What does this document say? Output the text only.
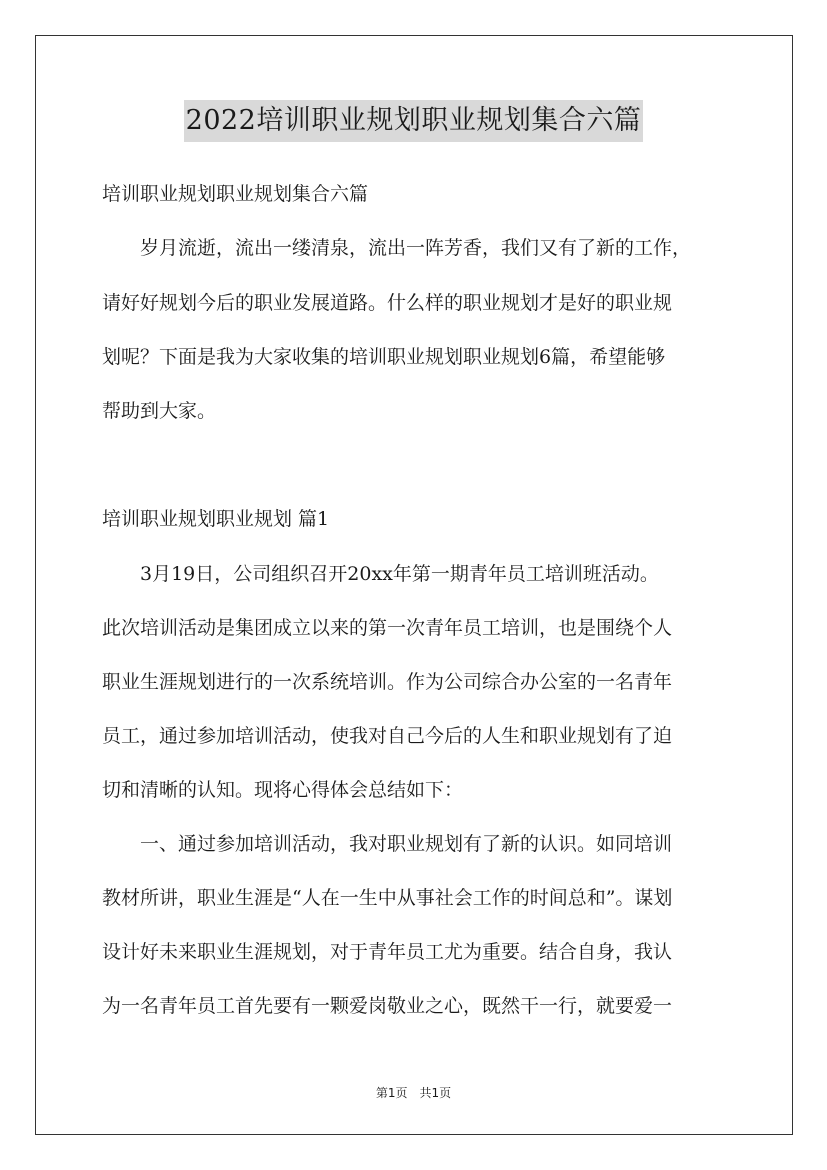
2022培训职业规划职业规划集合六篇
培训职业规划职业规划集合六篇
　　岁月流逝，流出一缕清泉，流出一阵芳香，我们又有了新的工作，
请好好规划今后的职业发展道路。什么样的职业规划才是好的职业规
划呢？下面是我为大家收集的培训职业规划职业规划6篇，希望能够
帮助到大家。
培训职业规划职业规划 篇1
　　3月19日，公司组织召开20xx年第一期青年员工培训班活动。
此次培训活动是集团成立以来的第一次青年员工培训，也是围绕个人
职业生涯规划进行的一次系统培训。作为公司综合办公室的一名青年
员工，通过参加培训活动，使我对自己今后的人生和职业规划有了迫
切和清晰的认知。现将心得体会总结如下：
　　一、通过参加培训活动，我对职业规划有了新的认识。如同培训
教材所讲，职业生涯是“人在一生中从事社会工作的时间总和”。谋划
设计好未来职业生涯规划，对于青年员工尤为重要。结合自身，我认
为一名青年员工首先要有一颗爱岗敬业之心，既然干一行，就要爱一
第1页　共1页
